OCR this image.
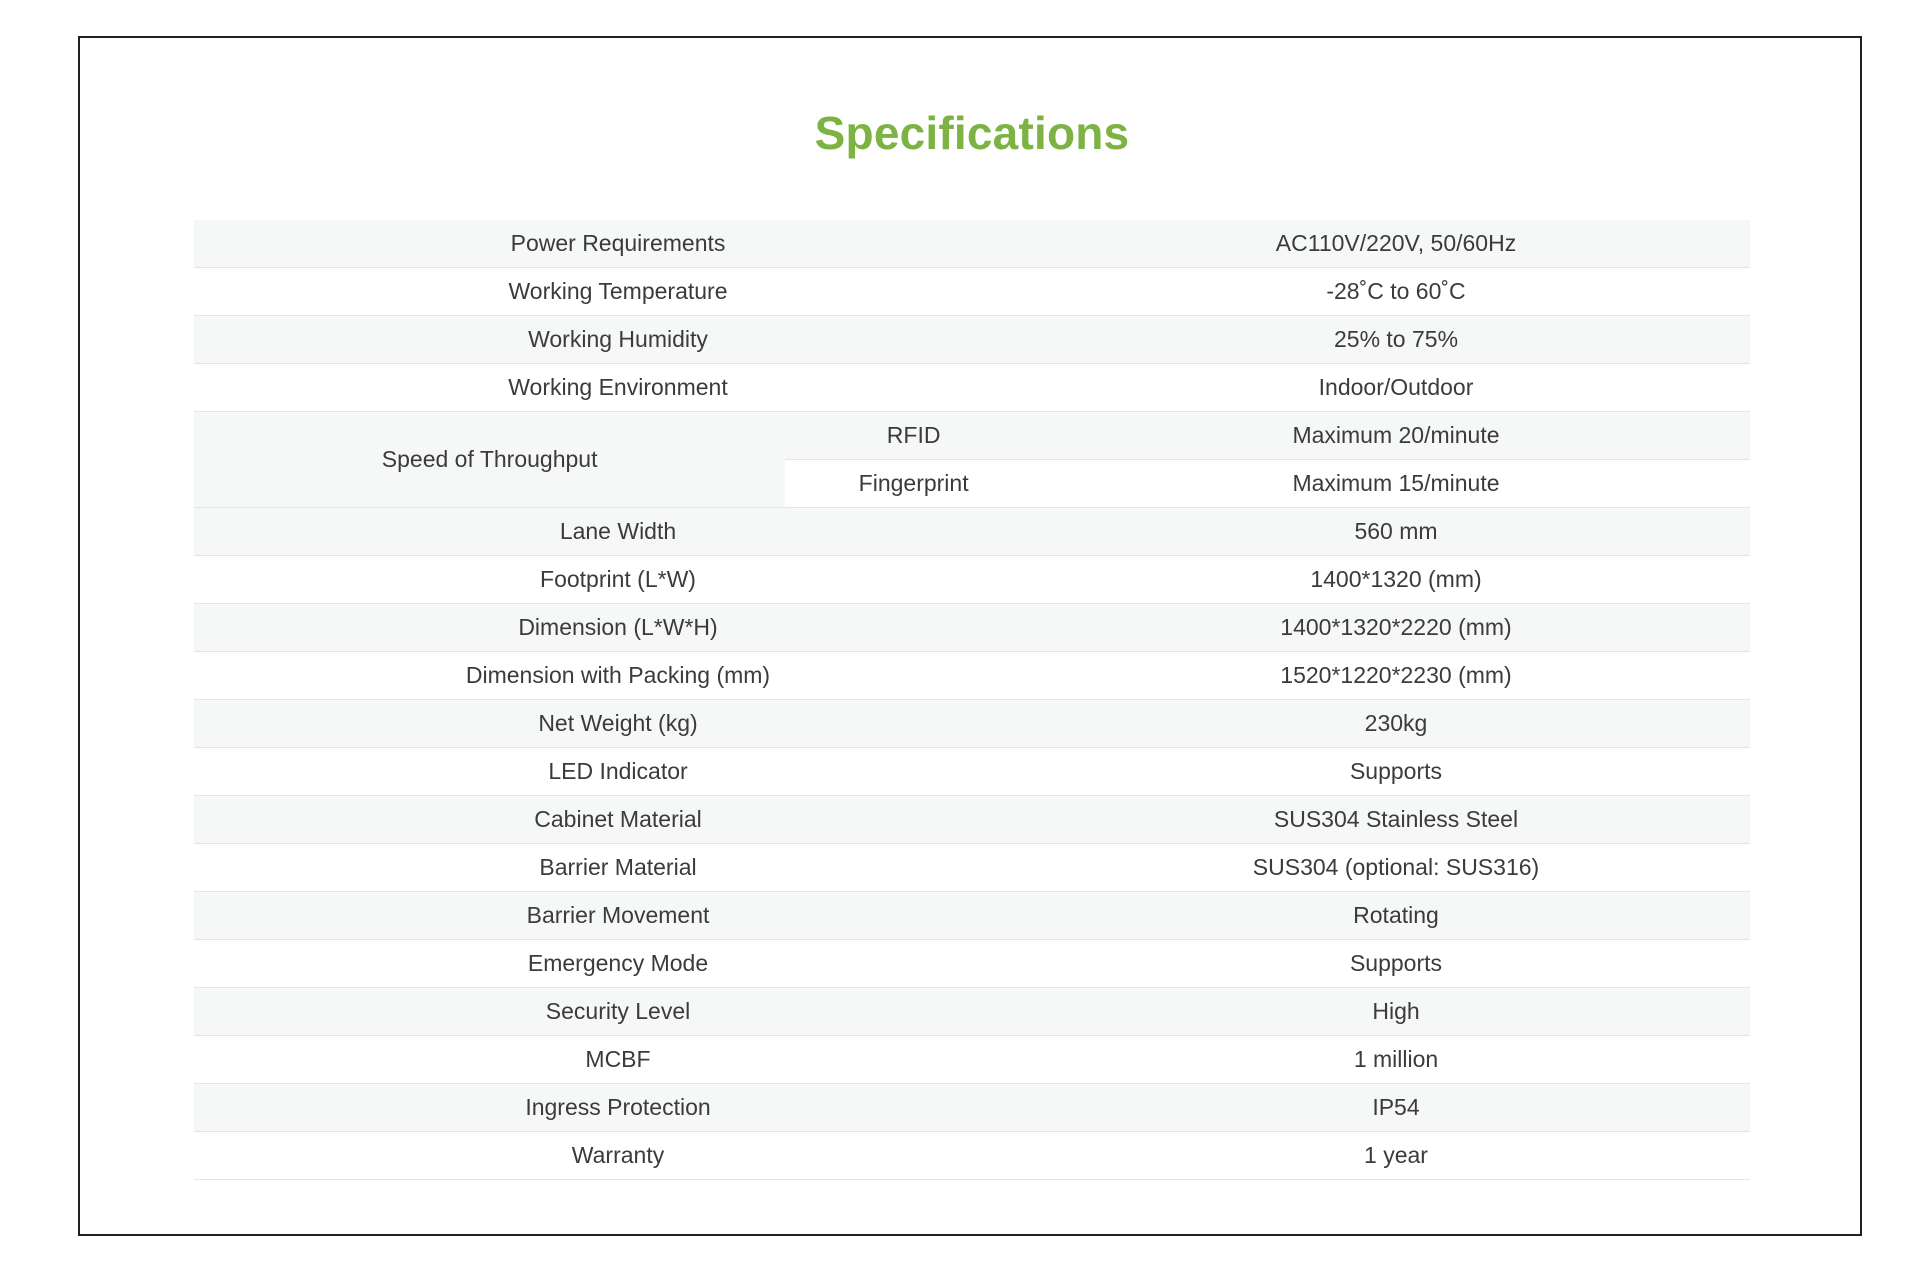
Specifications
Power Requirements		AC110V/220V, 50/60Hz
Working Temperature		-28˚C to 60˚C
Working Humidity		25% to 75%
Working Environment		Indoor/Outdoor
Speed of Throughput	RFID	Maximum 20/minute
	Fingerprint	Maximum 15/minute
Lane Width		560 mm
Footprint (L*W)		1400*1320 (mm)
Dimension (L*W*H)		1400*1320*2220 (mm)
Dimension with Packing (mm)		1520*1220*2230 (mm)
Net Weight (kg)		230kg
LED Indicator		Supports
Cabinet Material		SUS304 Stainless Steel
Barrier Material		SUS304 (optional: SUS316)
Barrier Movement		Rotating
Emergency Mode		Supports
Security Level		High
MCBF		1 million
Ingress Protection		IP54
Warranty		1 year
